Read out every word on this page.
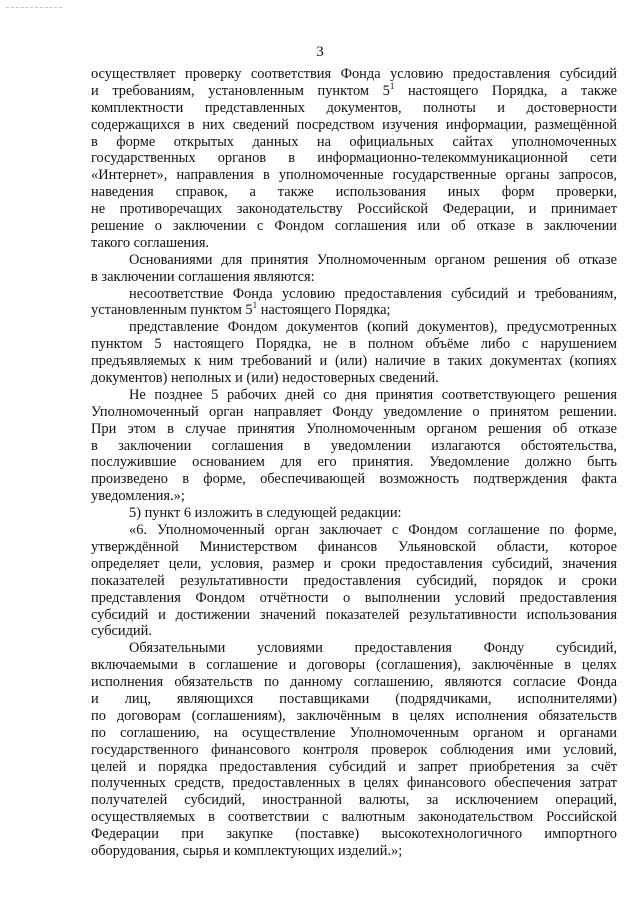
3
осуществляет проверку соответствия Фонда условию предоставления субсидий
и требованиям, установленным пунктом $5^1$ настоящего Порядка, а также
комплектности представленных документов, полноты и достоверности
содержащихся в них сведений посредством изучения информации, размещённой
в форме открытых данных на официальных сайтах уполномоченных
государственных органов в информационно-телекоммуникационной сети
«Интернет», направления в уполномоченные государственные органы запросов,
наведения справок, а также использования иных форм проверки,
не противоречащих законодательству Российской Федерации, и принимает
решение о заключении с Фондом соглашения или об отказе в заключении
такого соглашения.
Основаниями для принятия Уполномоченным органом решения об отказе
в заключении соглашения являются:
несоответствие Фонда условию предоставления субсидий и требованиям,
установленным пунктом $5^1$ настоящего Порядка;
представление Фондом документов (копий документов), предусмотренных
пунктом 5 настоящего Порядка, не в полном объёме либо с нарушением
предъявляемых к ним требований и (или) наличие в таких документах (копиях
документов) неполных и (или) недостоверных сведений.
Не позднее 5 рабочих дней со дня принятия соответствующего решения
Уполномоченный орган направляет Фонду уведомление о принятом решении.
При этом в случае принятия Уполномоченным органом решения об отказе
в заключении соглашения в уведомлении излагаются обстоятельства,
послужившие основанием для его принятия. Уведомление должно быть
произведено в форме, обеспечивающей возможность подтверждения факта
уведомления.»;
5) пункт 6 изложить в следующей редакции:
«6. Уполномоченный орган заключает с Фондом соглашение по форме,
утверждённой Министерством финансов Ульяновской области, которое
определяет цели, условия, размер и сроки предоставления субсидий, значения
показателей результативности предоставления субсидий, порядок и сроки
представления Фондом отчётности о выполнении условий предоставления
субсидий и достижении значений показателей результативности использования
субсидий.
Обязательными условиями предоставления Фонду субсидий,
включаемыми в соглашение и договоры (соглашения), заключённые в целях
исполнения обязательств по данному соглашению, являются согласие Фонда
и лиц, являющихся поставщиками (подрядчиками, исполнителями)
по договорам (соглашениям), заключённым в целях исполнения обязательств
по соглашению, на осуществление Уполномоченным органом и органами
государственного финансового контроля проверок соблюдения ими условий,
целей и порядка предоставления субсидий и запрет приобретения за счёт
полученных средств, предоставленных в целях финансового обеспечения затрат
получателей субсидий, иностранной валюты, за исключением операций,
осуществляемых в соответствии с валютным законодательством Российской
Федерации при закупке (поставке) высокотехнологичного импортного
оборудования, сырья и комплектующих изделий.»;
